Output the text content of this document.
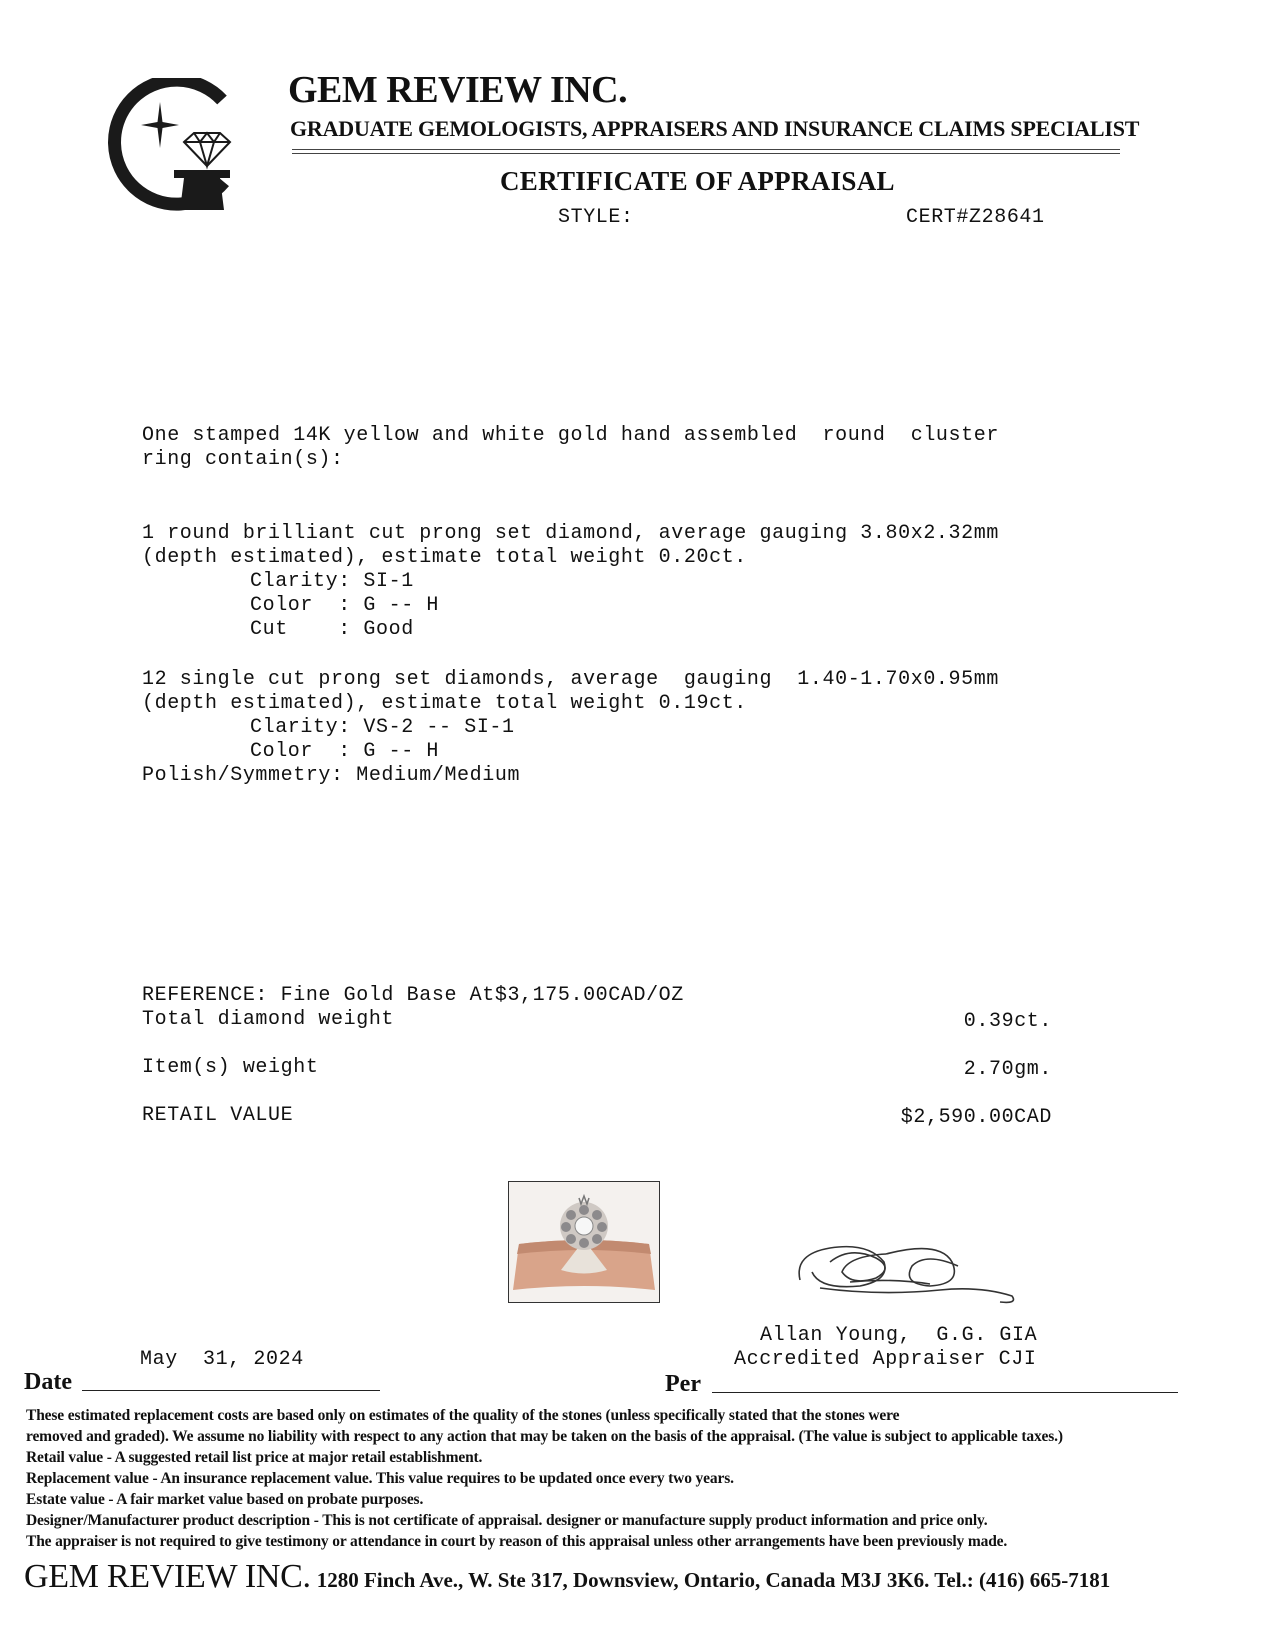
GEM REVIEW INC.
GRADUATE GEMOLOGISTS, APPRAISERS AND INSURANCE CLAIMS SPECIALIST
CERTIFICATE OF APPRAISAL
STYLE:	CERT#Z28641
One stamped 14K yellow and white gold hand assembled  round  cluster
ring contain(s):
1 round brilliant cut prong set diamond, average gauging 3.80x2.32mm
(depth estimated), estimate total weight 0.20ct.
Clarity: SI-1
Color  : G -- H
Cut    : Good
12 single cut prong set diamonds, average  gauging  1.40-1.70x0.95mm
(depth estimated), estimate total weight 0.19ct.
Clarity: VS-2 -- SI-1
Color  : G -- H
Polish/Symmetry: Medium/Medium
REFERENCE: Fine Gold Base At$3,175.00CAD/OZ
Total diamond weight	0.39ct.
Item(s) weight	2.70gm.
RETAIL VALUE	$2,590.00CAD
Allan Young,  G.G. GIA
Accredited Appraiser CJI
May  31, 2024
Date	Per
These estimated replacement costs are based only on estimates of the quality of the stones (unless specifically stated that the stones were
removed and graded). We assume no liability with respect to any action that may be taken on the basis of the appraisal. (The value is subject to applicable taxes.)
Retail value - A suggested retail list price at major retail establishment.
Replacement value - An insurance replacement value. This value requires to be updated once every two years.
Estate value - A fair market value based on probate purposes.
Designer/Manufacturer product description - This is not certificate of appraisal. designer or manufacture supply product information and price only.
The appraiser is not required to give testimony or attendance in court by reason of this appraisal unless other arrangements have been previously made.
GEM REVIEW INC. 1280 Finch Ave., W. Ste 317, Downsview, Ontario, Canada M3J 3K6. Tel.: (416) 665-7181
